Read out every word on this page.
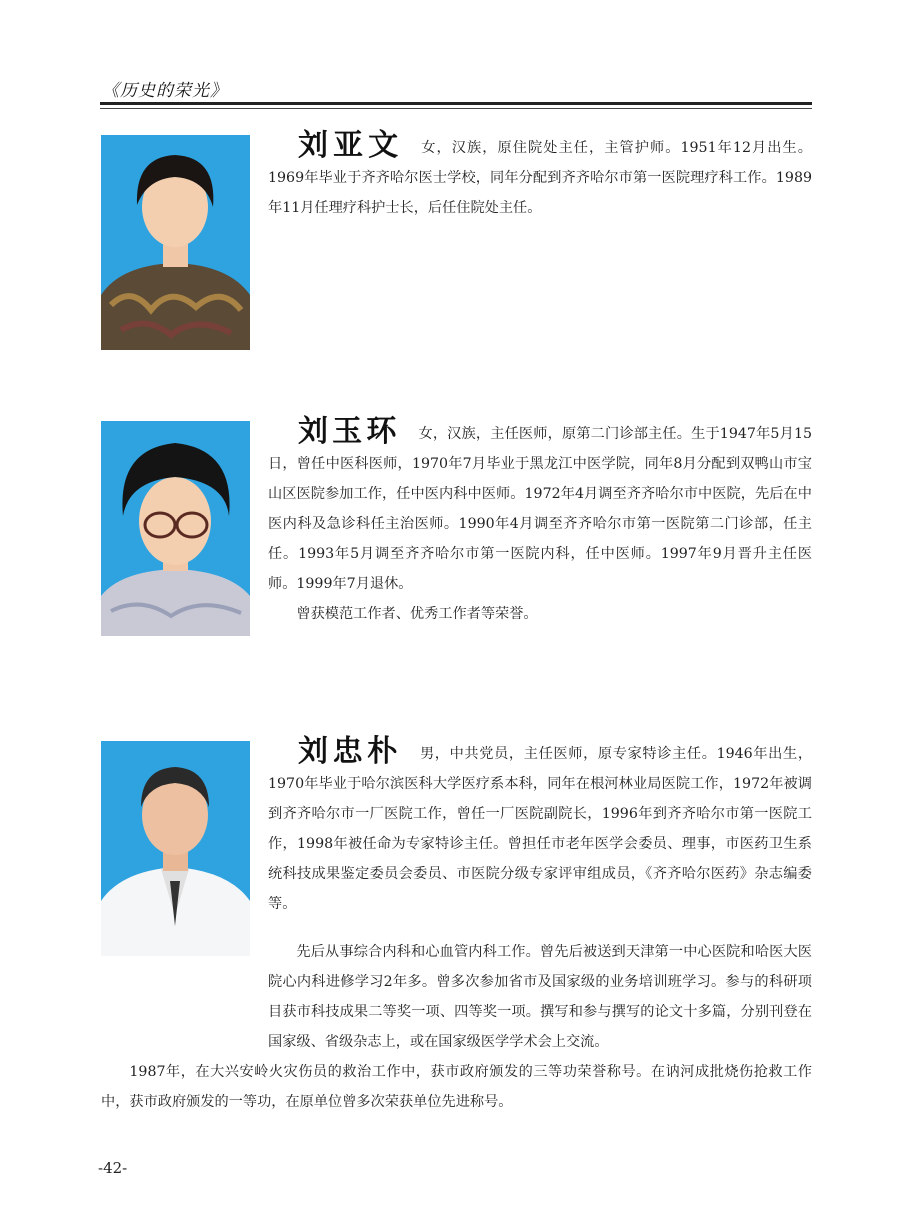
《历史的荣光》

刘亚文 女，汉族，原住院处主任，主管护师。1951年12月出生。1969年毕业于齐齐哈尔医士学校，同年分配到齐齐哈尔市第一医院理疗科工作。1989年11月任理疗科护士长，后任住院处主任。

刘玉环 女，汉族，主任医师，原第二门诊部主任。生于1947年5月15日，曾任中医科医师，1970年7月毕业于黑龙江中医学院，同年8月分配到双鸭山市宝山区医院参加工作，任中医内科中医师。1972年4月调至齐齐哈尔市中医院，先后在中医内科及急诊科任主治医师。1990年4月调至齐齐哈尔市第一医院第二门诊部，任主任。1993年5月调至齐齐哈尔市第一医院内科，任中医师。1997年9月晋升主任医师。1999年7月退休。

曾获模范工作者、优秀工作者等荣誉。

刘忠朴 男，中共党员，主任医师，原专家特诊主任。1946年出生，1970年毕业于哈尔滨医科大学医疗系本科，同年在根河林业局医院工作，1972年被调到齐齐哈尔市一厂医院工作，曾任一厂医院副院长，1996年到齐齐哈尔市第一医院工作，1998年被任命为专家特诊主任。曾担任市老年医学会委员、理事，市医药卫生系统科技成果鉴定委员会委员、市医院分级专家评审组成员，《齐齐哈尔医药》杂志编委等。

先后从事综合内科和心血管内科工作。曾先后被送到天津第一中心医院和哈医大医院心内科进修学习2年多。曾多次参加省市及国家级的业务培训班学习。参与的科研项目获市科技成果二等奖一项、四等奖一项。撰写和参与撰写的论文十多篇，分别刊登在国家级、省级杂志上，或在国家级医学学术会上交流。

1987年，在大兴安岭火灾伤员的救治工作中，获市政府颁发的三等功荣誉称号。在讷河成批烧伤抢救工作中，获市政府颁发的一等功，在原单位曾多次荣获单位先进称号。

-42-
